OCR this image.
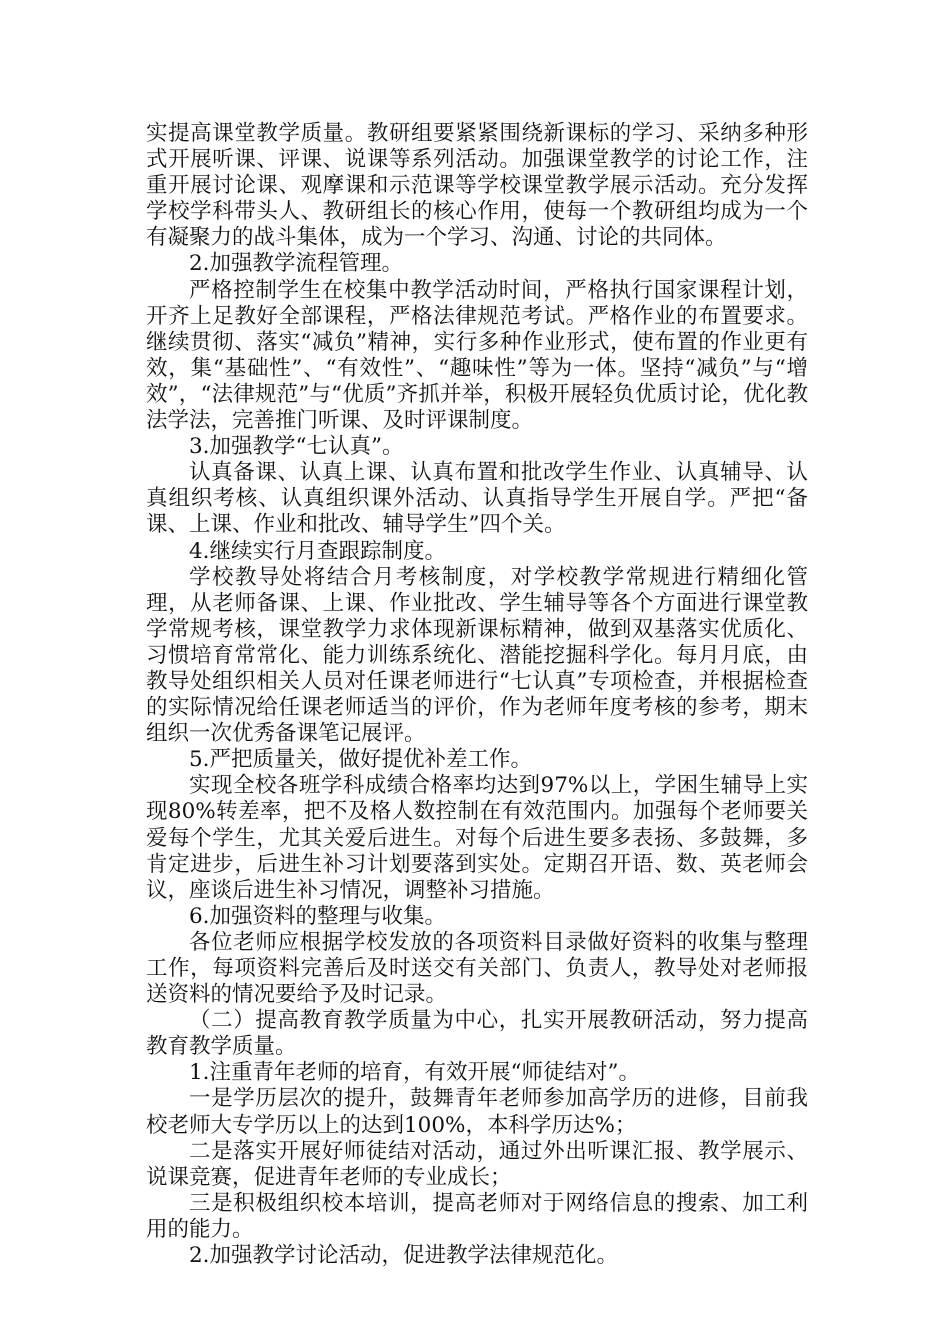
实提高课堂教学质量。教研组要紧紧围绕新课标的学习、采纳多种形式开展听课、评课、说课等系列活动。加强课堂教学的讨论工作，注重开展讨论课、观摩课和示范课等学校课堂教学展示活动。充分发挥学校学科带头人、教研组长的核心作用，使每一个教研组均成为一个有凝聚力的战斗集体，成为一个学习、沟通、讨论的共同体。

2.加强教学流程管理。

严格控制学生在校集中教学活动时间，严格执行国家课程计划，开齐上足教好全部课程，严格法律规范考试。严格作业的布置要求。继续贯彻、落实“减负”精神，实行多种作业形式，使布置的作业更有效，集“基础性”、“有效性”、“趣味性”等为一体。坚持“减负”与“增效”，“法律规范”与“优质”齐抓并举，积极开展轻负优质讨论，优化教法学法，完善推门听课、及时评课制度。

3.加强教学“七认真”。

认真备课、认真上课、认真布置和批改学生作业、认真辅导、认真组织考核、认真组织课外活动、认真指导学生开展自学。严把“备课、上课、作业和批改、辅导学生”四个关。

4.继续实行月查跟踪制度。

学校教导处将结合月考核制度，对学校教学常规进行精细化管理，从老师备课、上课、作业批改、学生辅导等各个方面进行课堂教学常规考核，课堂教学力求体现新课标精神，做到双基落实优质化、习惯培育常常化、能力训练系统化、潜能挖掘科学化。每月月底，由教导处组织相关人员对任课老师进行“七认真”专项检查，并根据检查的实际情况给任课老师适当的评价，作为老师年度考核的参考，期末组织一次优秀备课笔记展评。

5.严把质量关，做好提优补差工作。

实现全校各班学科成绩合格率均达到97%以上，学困生辅导上实现80%转差率，把不及格人数控制在有效范围内。加强每个老师要关爱每个学生，尤其关爱后进生。对每个后进生要多表扬、多鼓舞，多肯定进步，后进生补习计划要落到实处。定期召开语、数、英老师会议，座谈后进生补习情况，调整补习措施。

6.加强资料的整理与收集。

各位老师应根据学校发放的各项资料目录做好资料的收集与整理工作，每项资料完善后及时送交有关部门、负责人，教导处对老师报送资料的情况要给予及时记录。

（二）提高教育教学质量为中心，扎实开展教研活动，努力提高教育教学质量。

1.注重青年老师的培育，有效开展“师徒结对”。

一是学历层次的提升，鼓舞青年老师参加高学历的进修，目前我校老师大专学历以上的达到100%，本科学历达%；

二是落实开展好师徒结对活动，通过外出听课汇报、教学展示、说课竞赛，促进青年老师的专业成长；

三是积极组织校本培训，提高老师对于网络信息的搜索、加工利用的能力。

2.加强教学讨论活动，促进教学法律规范化。
